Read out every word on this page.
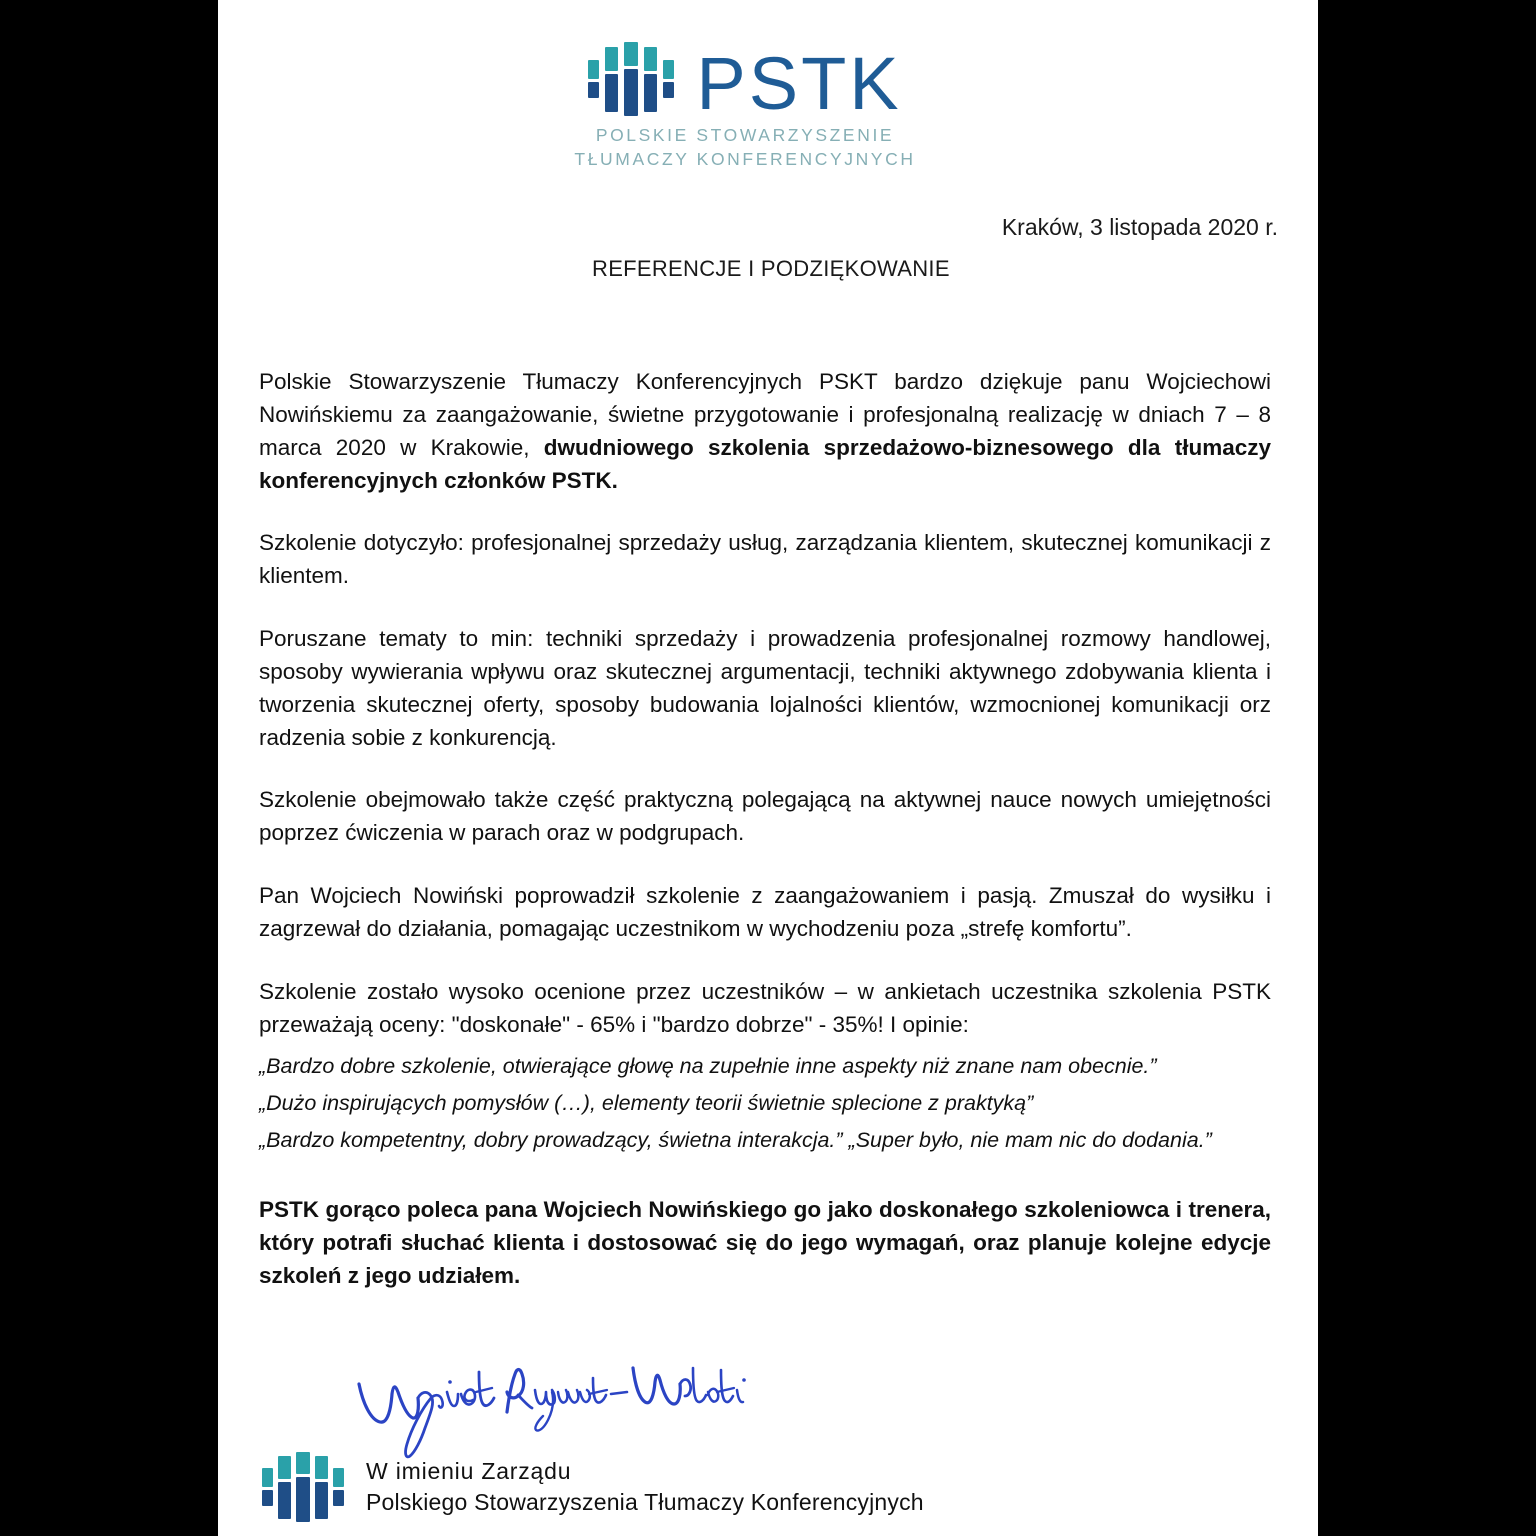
PSTK
POLSKIE STOWARZYSZENIE
TŁUMACZY KONFERENCYJNYCH
Kraków, 3 listopada 2020 r.
REFERENCJE I PODZIĘKOWANIE

Polskie Stowarzyszenie Tłumaczy Konferencyjnych PSKT bardzo dziękuje panu Wojciechowi Nowińskiemu za zaangażowanie, świetne przygotowanie i profesjonalną realizację w dniach 7 – 8 marca 2020 w Krakowie, dwudniowego szkolenia sprzedażowo-biznesowego dla tłumaczy konferencyjnych członków PSTK.

Szkolenie dotyczyło: profesjonalnej sprzedaży usług, zarządzania klientem, skutecznej komunikacji z klientem.

Poruszane tematy to min: techniki sprzedaży i prowadzenia profesjonalnej rozmowy handlowej, sposoby wywierania wpływu oraz skutecznej argumentacji, techniki aktywnego zdobywania klienta i tworzenia skutecznej oferty, sposoby budowania lojalności klientów, wzmocnionej komunikacji orz radzenia sobie z konkurencją.

Szkolenie obejmowało także część praktyczną polegającą na aktywnej nauce nowych umiejętności poprzez ćwiczenia w parach oraz w podgrupach.

Pan Wojciech Nowiński poprowadził szkolenie z zaangażowaniem i pasją. Zmuszał do wysiłku i zagrzewał do działania, pomagając uczestnikom w wychodzeniu poza „strefę komfortu”.

Szkolenie zostało wysoko ocenione przez uczestników – w ankietach uczestnika szkolenia PSTK przeważają oceny: "doskonałe" - 65% i "bardzo dobrze" - 35%! I opinie:

„Bardzo dobre szkolenie, otwierające głowę na zupełnie inne aspekty niż znane nam obecnie.”

„Dużo inspirujących pomysłów (…), elementy teorii świetnie splecione z praktyką”

„Bardzo kompetentny, dobry prowadzący, świetna interakcja.” „Super było, nie mam nic do dodania.”

PSTK gorąco poleca pana Wojciech Nowińskiego go jako doskonałego szkoleniowca i trenera, który potrafi słuchać klienta i dostosować się do jego wymagań, oraz planuje kolejne edycje szkoleń z jego udziałem.

W imieniu Zarządu
Polskiego Stowarzyszenia Tłumaczy Konferencyjnych
